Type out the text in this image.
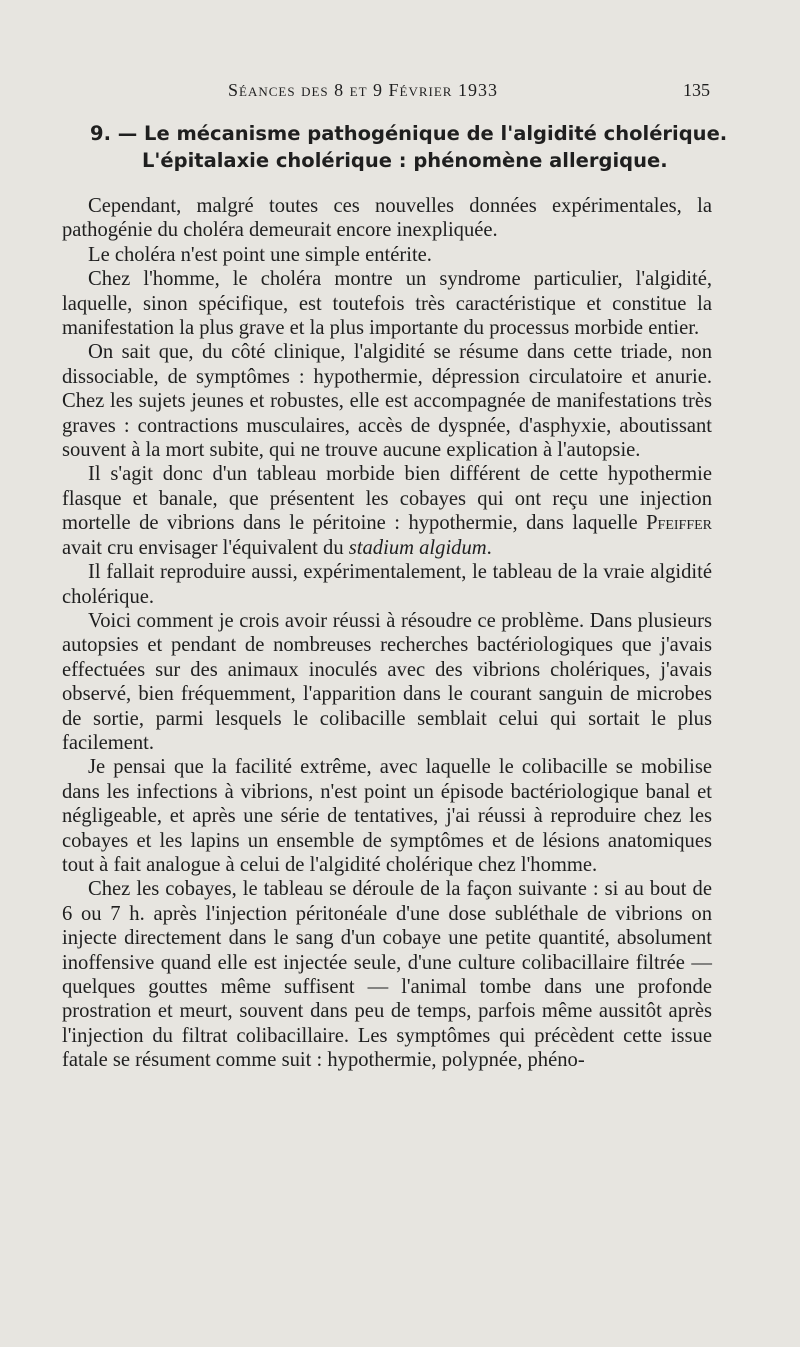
Séances des 8 et 9 Février 1933	135
9. — Le mécanisme pathogénique de l'algidité cholérique.
L'épitalaxie cholérique : phénomène allergique.

Cependant, malgré toutes ces nouvelles données expérimentales, la pathogénie du choléra demeurait encore inexpliquée.

Le choléra n'est point une simple entérite.

Chez l'homme, le choléra montre un syndrome particulier, l'algidité, laquelle, sinon spécifique, est toutefois très caractéristique et constitue la manifestation la plus grave et la plus importante du processus morbide entier.

On sait que, du côté clinique, l'algidité se résume dans cette triade, non dissociable, de symptômes : hypothermie, dépression circulatoire et anurie. Chez les sujets jeunes et robustes, elle est accompagnée de manifestations très graves : contractions musculaires, accès de dyspnée, d'asphyxie, aboutissant souvent à la mort subite, qui ne trouve aucune explication à l'autopsie.

Il s'agit donc d'un tableau morbide bien différent de cette hypothermie flasque et banale, que présentent les cobayes qui ont reçu une injection mortelle de vibrions dans le péritoine : hypothermie, dans laquelle Pfeiffer avait cru envisager l'équivalent du stadium algidum.

Il fallait reproduire aussi, expérimentalement, le tableau de la vraie algidité cholérique.

Voici comment je crois avoir réussi à résoudre ce problème. Dans plusieurs autopsies et pendant de nombreuses recherches bactériologiques que j'avais effectuées sur des animaux inoculés avec des vibrions cholériques, j'avais observé, bien fréquemment, l'apparition dans le courant sanguin de microbes de sortie, parmi lesquels le colibacille semblait celui qui sortait le plus facilement.

Je pensai que la facilité extrême, avec laquelle le colibacille se mobilise dans les infections à vibrions, n'est point un épisode bactériologique banal et négligeable, et après une série de tentatives, j'ai réussi à reproduire chez les cobayes et les lapins un ensemble de symptômes et de lésions anatomiques tout à fait analogue à celui de l'algidité cholérique chez l'homme.

Chez les cobayes, le tableau se déroule de la façon suivante : si au bout de 6 ou 7 h. après l'injection péritonéale d'une dose subléthale de vibrions on injecte directement dans le sang d'un cobaye une petite quantité, absolument inoffensive quand elle est injectée seule, d'une culture colibacillaire filtrée — quelques gouttes même suffisent — l'animal tombe dans une profonde prostration et meurt, souvent dans peu de temps, parfois même aussitôt après l'injection du filtrat colibacillaire. Les symptômes qui précèdent cette issue fatale se résument comme suit : hypothermie, polypnée, phéno-
